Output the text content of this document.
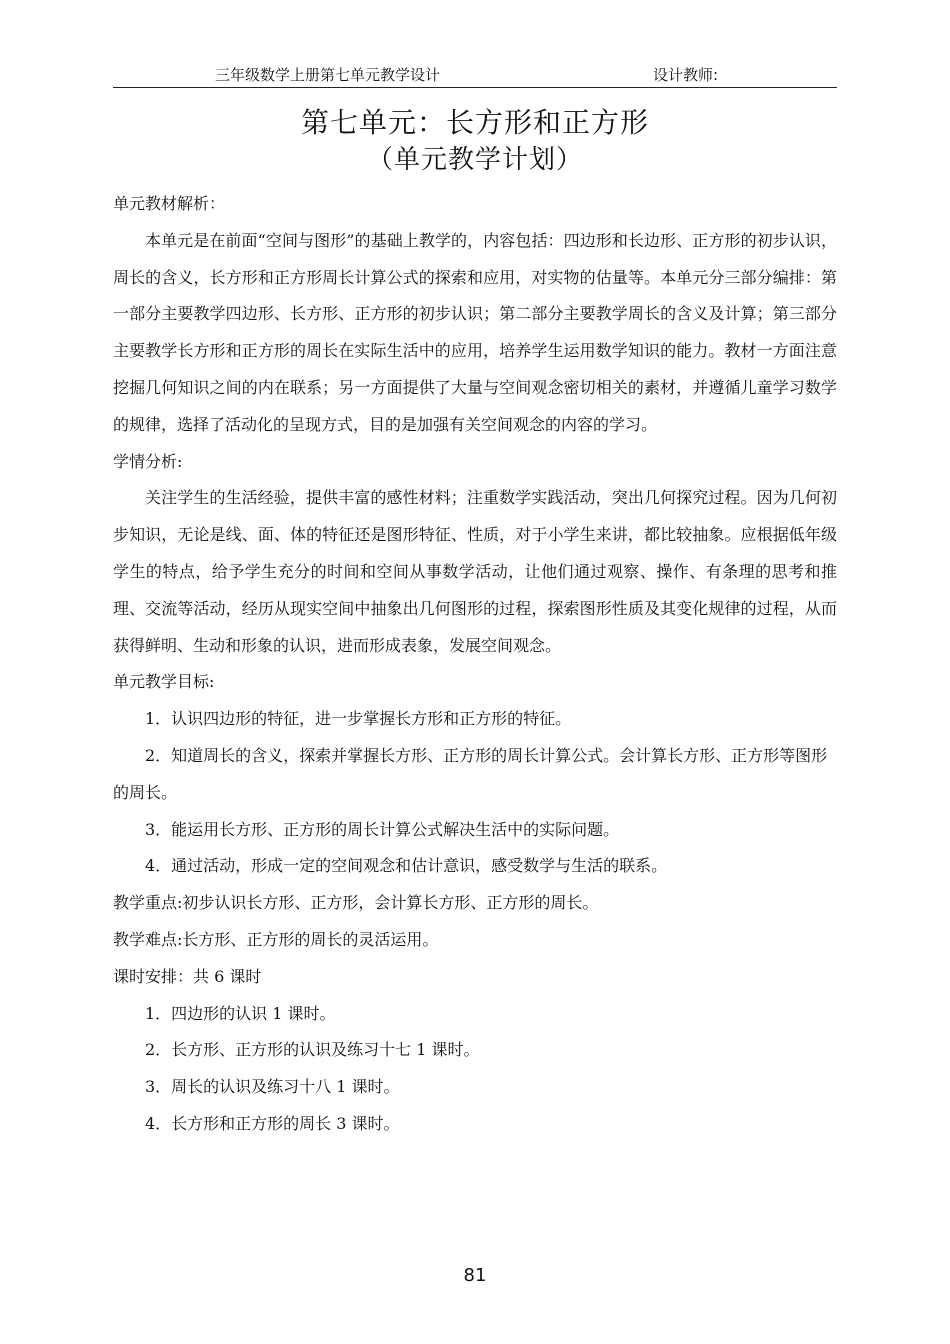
三年级数学上册第七单元教学设计	设计教师:
第七单元：长方形和正方形
（单元教学计划）

单元教材解析：

本单元是在前面“空间与图形”的基础上教学的，内容包括：四边形和长边形、正方形的初步认识，周长的含义，长方形和正方形周长计算公式的探索和应用，对实物的估量等。本单元分三部分编排：第一部分主要教学四边形、长方形、正方形的初步认识；第二部分主要教学周长的含义及计算；第三部分主要教学长方形和正方形的周长在实际生活中的应用，培养学生运用数学知识的能力。教材一方面注意挖掘几何知识之间的内在联系；另一方面提供了大量与空间观念密切相关的素材，并遵循儿童学习数学的规律，选择了活动化的呈现方式，目的是加强有关空间观念的内容的学习。

学情分析:

关注学生的生活经验，提供丰富的感性材料；注重数学实践活动，突出几何探究过程。因为几何初步知识，无论是线、面、体的特征还是图形特征、性质，对于小学生来讲，都比较抽象。应根据低年级学生的特点，给予学生充分的时间和空间从事数学活动，让他们通过观察、操作、有条理的思考和推理、交流等活动，经历从现实空间中抽象出几何图形的过程，探索图形性质及其变化规律的过程，从而获得鲜明、生动和形象的认识，进而形成表象，发展空间观念。

单元教学目标:

1．认识四边形的特征，进一步掌握长方形和正方形的特征。

2．知道周长的含义，探索并掌握长方形、正方形的周长计算公式。会计算长方形、正方形等图形的周长。

3．能运用长方形、正方形的周长计算公式解决生活中的实际问题。

4．通过活动，形成一定的空间观念和估计意识，感受数学与生活的联系。

教学重点:初步认识长方形、正方形，会计算长方形、正方形的周长。

教学难点:长方形、正方形的周长的灵活运用。

课时安排：共 6 课时

1．四边形的认识 1 课时。

2．长方形、正方形的认识及练习十七 1 课时。

3．周长的认识及练习十八 1 课时。

4．长方形和正方形的周长 3 课时。

81
